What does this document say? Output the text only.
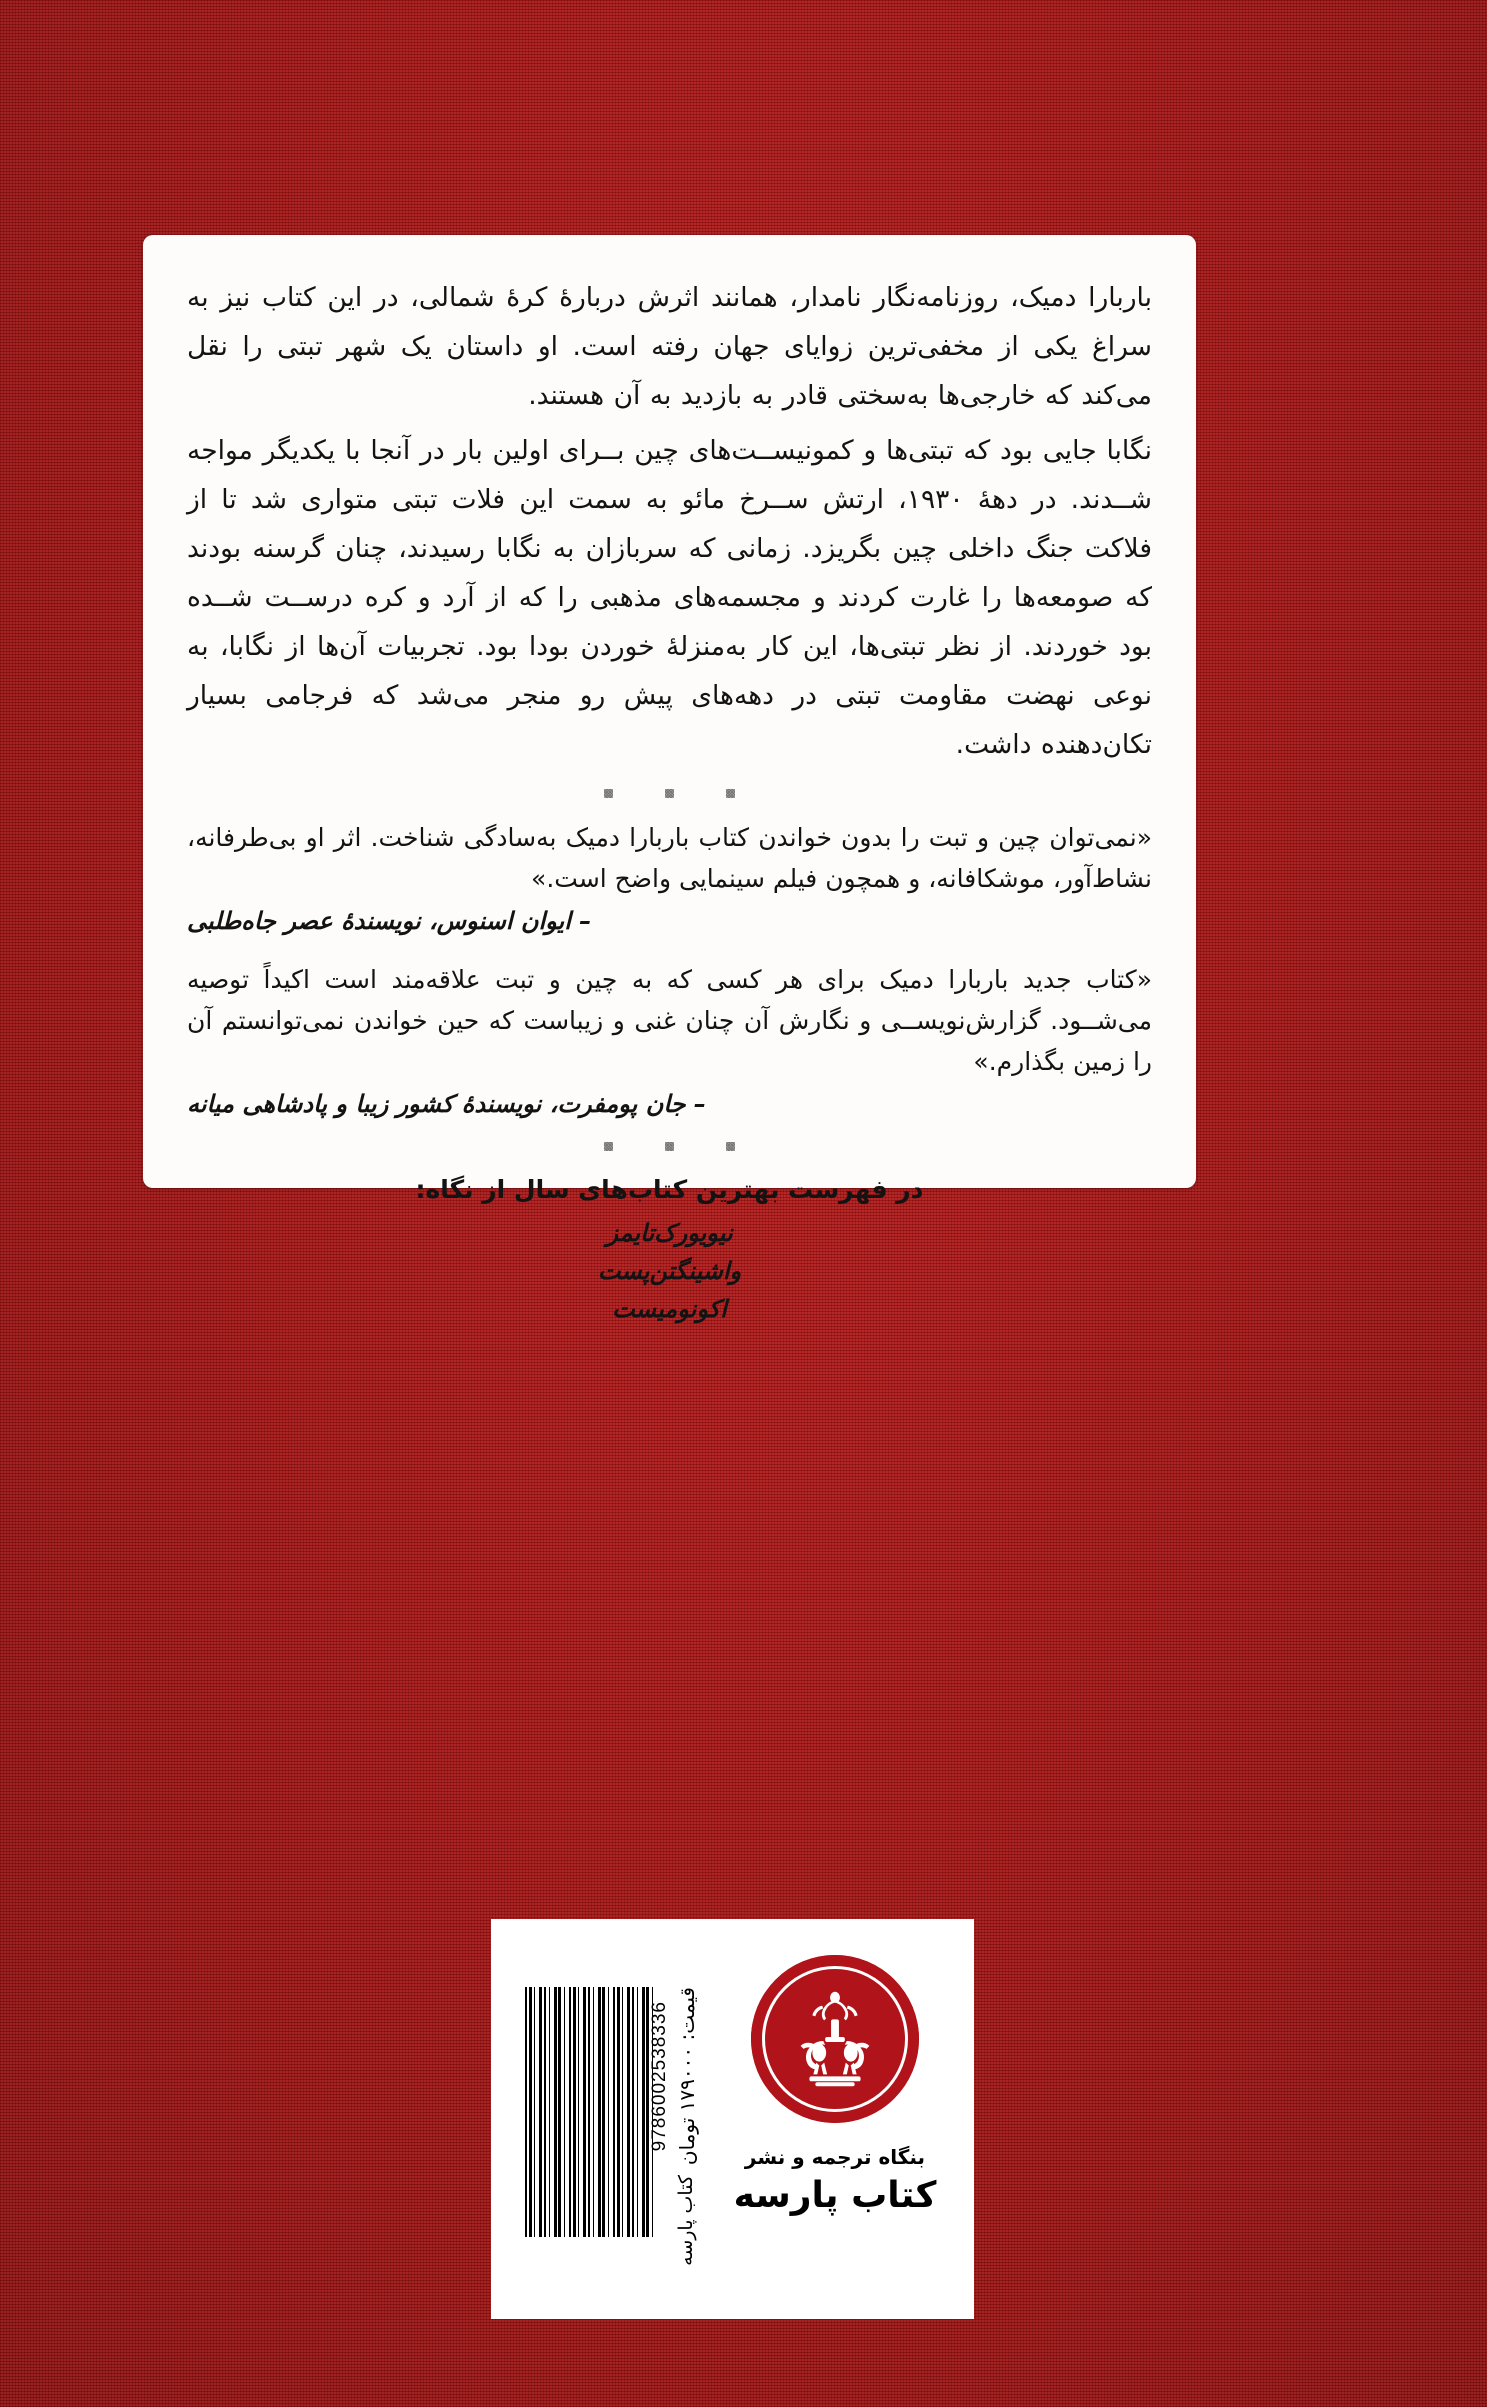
باربارا دمیک، روزنامه‌نگار نامدار، همانند اثرش دربارهٔ کرهٔ شمالی، در این کتاب نیز به سراغ یکی از مخفی‌ترین زوایای جهان رفته است. او داستان یک شهر تبتی را نقل می‌کند که خارجی‌ها به‌سختی قادر به بازدید به آن هستند.

نگابا جایی بود که تبتی‌ها و کمونیســت‌های چین بــرای اولین بار در آنجا با یکدیگر مواجه شــدند. در دههٔ ۱۹۳۰، ارتش ســرخ مائو به سمت این فلات تبتی متواری شد تا از فلاکت جنگ داخلی چین بگریزد. زمانی که سربازان به نگابا رسیدند، چنان گرسنه بودند که صومعه‌ها را غارت کردند و مجسمه‌های مذهبی را که از آرد و کره درســت شــده بود خوردند. از نظر تبتی‌ها، این کار به‌منزلهٔ خوردن بودا بود. تجربیات آن‌ها از نگابا، به نوعی نهضت مقاومت تبتی در دهه‌های پیش رو منجر می‌شد که فرجامی بسیار تکان‌دهنده داشت.

«نمی‌توان چین و تبت را بدون خواندن کتاب باربارا دمیک به‌سادگی شناخت. اثر او بی‌طرفانه، نشاط‌آور، موشکافانه، و همچون فیلم سینمایی واضح است.»

– ایوان اسنوس، نویسندهٔ عصر جاه‌طلبی

«کتاب جدید باربارا دمیک برای هر کسی که به چین و تبت علاقه‌مند است اکیداً توصیه می‌شــود. گزارش‌نویســی و نگارش آن چنان غنی و زیباست که حین خواندن نمی‌توانستم آن را زمین بگذارم.»

– جان پومفرت، نویسندهٔ کشور زیبا و پادشاهی میانه

در فهرست بهترین کتاب‌های سال از نگاه:
نیویورک‌تایمز
واشینگتن‌پست
اکونومیست
9786002538336 قیمت: ۱۷۹۰۰۰ تومان
کتاب پارسه
بنگاه ترجمه و نشر
کتاب پارسه
